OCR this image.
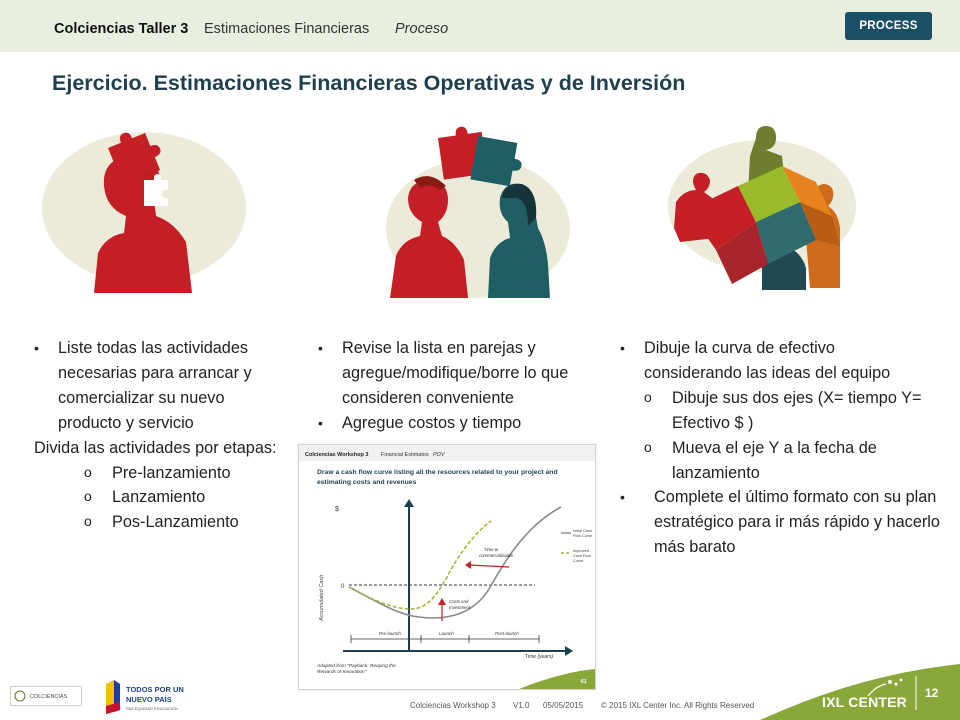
Colciencias Taller 3 Estimaciones Financieras Proceso	PROCESS
Ejercicio. Estimaciones Financieras Operativas y de Inversión
• Liste todas las actividades necesarias para arrancar y comercializar su nuevo producto y servicio
Divida las actividades por etapas:
o Pre-lanzamiento
o Lanzamiento
o Pos-Lanzamiento
• Revise la lista en parejas y agregue/modifique/borre lo que consideren conveniente
• Agregue costos y tiempo
• Dibuje la curva de efectivo considerando las ideas del equipo
o Dibuje sus dos ejes (X= tiempo Y= Efectivo $ )
o Mueva el eje Y a la fecha de lanzamiento
• Complete el último formato con su plan estratégico para ir más rápido y hacerlo más barato
Colciencias Workshop 3 Financial Estimates POV
Draw a cash flow curve listing all the resources related to your project and
estimating costs and revenues
$
Accumulated Cash	0
Time to
commercialization
Costs and
Investment
Pre-launch	Launch	Post-launch
Time (years)
Initial Cash
Flow Curve
Improved
Cash Flow
Curve
Adapted from "Payback: Reaping the
Rewards of Innovation"
61
COLCIENCIAS
TODOS POR UN
NUEVO PAÍS
PAZ EQUIDAD EDUCACIÓN	Colciencias Workshop 3 V1.0 05/05/2015 © 2015 IXL Center Inc. All Rights Reserved	IXL CENTER
12
